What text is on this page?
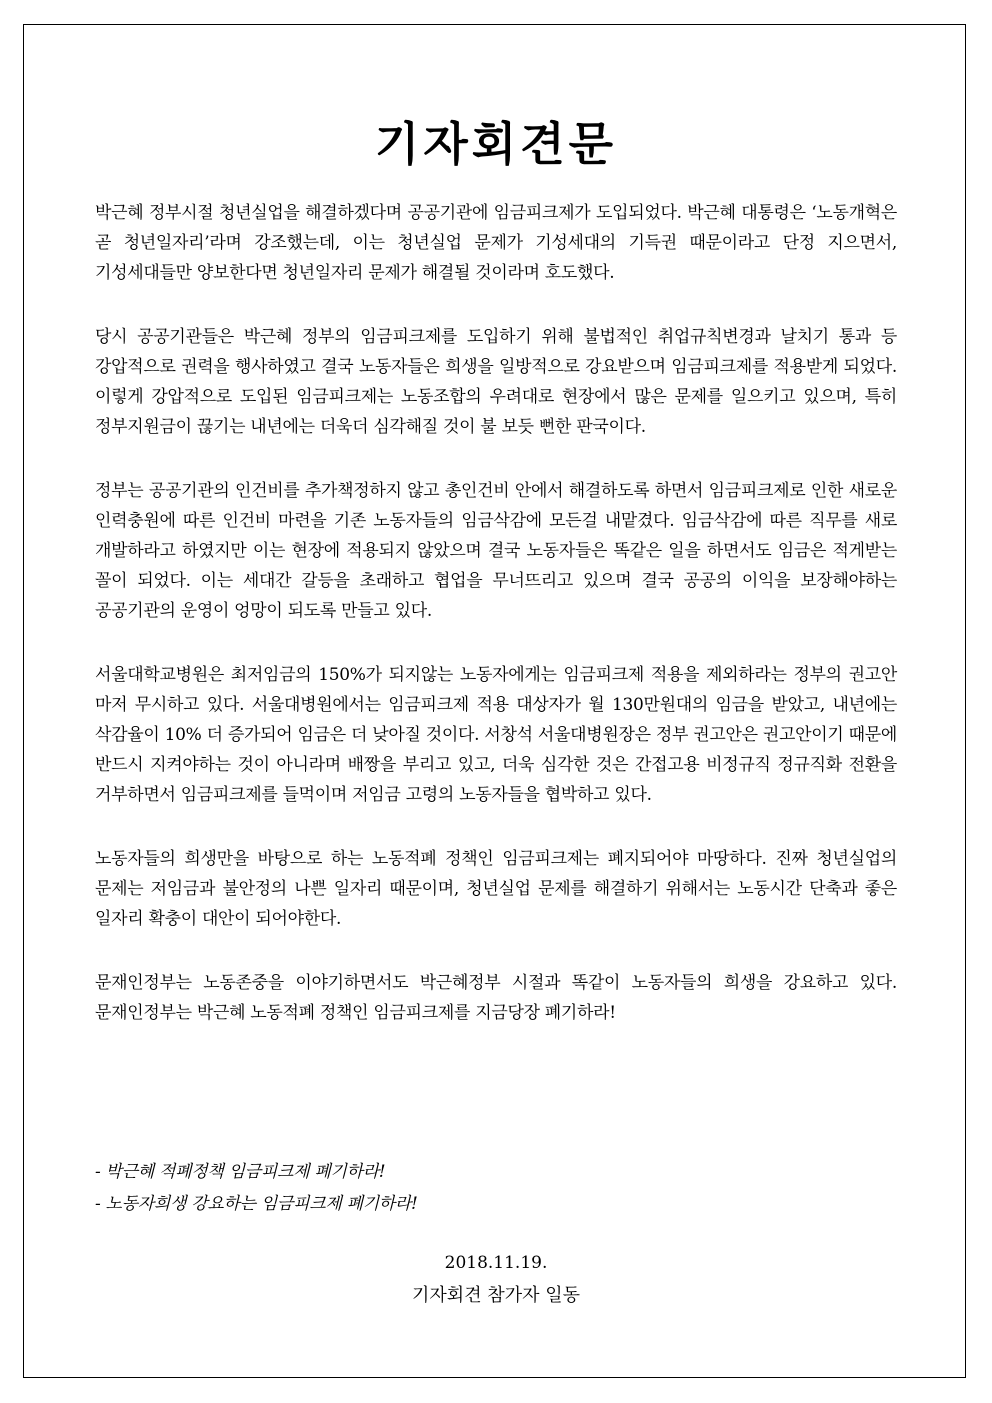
기자회견문

박근혜 정부시절 청년실업을 해결하겠다며 공공기관에 임금피크제가 도입되었다. 박근혜 대통령은 ‘노동개혁은 곧 청년일자리’라며 강조했는데, 이는 청년실업 문제가 기성세대의 기득권 때문이라고 단정 지으면서, 기성세대들만 양보한다면 청년일자리 문제가 해결될 것이라며 호도했다.

당시 공공기관들은 박근혜 정부의 임금피크제를 도입하기 위해 불법적인 취업규칙변경과 날치기 통과 등 강압적으로 권력을 행사하였고 결국 노동자들은 희생을 일방적으로 강요받으며 임금피크제를 적용받게 되었다. 이렇게 강압적으로 도입된 임금피크제는 노동조합의 우려대로 현장에서 많은 문제를 일으키고 있으며, 특히 정부지원금이 끊기는 내년에는 더욱더 심각해질 것이 불 보듯 뻔한 판국이다.

정부는 공공기관의 인건비를 추가책정하지 않고 총인건비 안에서 해결하도록 하면서 임금피크제로 인한 새로운 인력충원에 따른 인건비 마련을 기존 노동자들의 임금삭감에 모든걸 내맡겼다. 임금삭감에 따른 직무를 새로 개발하라고 하였지만 이는 현장에 적용되지 않았으며 결국 노동자들은 똑같은 일을 하면서도 임금은 적게받는 꼴이 되었다. 이는 세대간 갈등을 초래하고 협업을 무너뜨리고 있으며 결국 공공의 이익을 보장해야하는 공공기관의 운영이 엉망이 되도록 만들고 있다.

서울대학교병원은 최저임금의 150%가 되지않는 노동자에게는 임금피크제 적용을 제외하라는 정부의 권고안 마저 무시하고 있다. 서울대병원에서는 임금피크제 적용 대상자가 월 130만원대의 임금을 받았고, 내년에는 삭감율이 10% 더 증가되어 임금은 더 낮아질 것이다. 서창석 서울대병원장은 정부 권고안은 권고안이기 때문에 반드시 지켜야하는 것이 아니라며 배짱을 부리고 있고, 더욱 심각한 것은 간접고용 비정규직 정규직화 전환을 거부하면서 임금피크제를 들먹이며 저임금 고령의 노동자들을 협박하고 있다.

노동자들의 희생만을 바탕으로 하는 노동적폐 정책인 임금피크제는 폐지되어야 마땅하다. 진짜 청년실업의 문제는 저임금과 불안정의 나쁜 일자리 때문이며, 청년실업 문제를 해결하기 위해서는 노동시간 단축과 좋은 일자리 확충이 대안이 되어야한다.

문재인정부는 노동존중을 이야기하면서도 박근혜정부 시절과 똑같이 노동자들의 희생을 강요하고 있다. 문재인정부는 박근혜 노동적폐 정책인 임금피크제를 지금당장 폐기하라!

- 박근혜 적폐정책 임금피크제 폐기하라!
- 노동자희생 강요하는 임금피크제 폐기하라!
2018.11.19.
기자회견 참가자 일동
